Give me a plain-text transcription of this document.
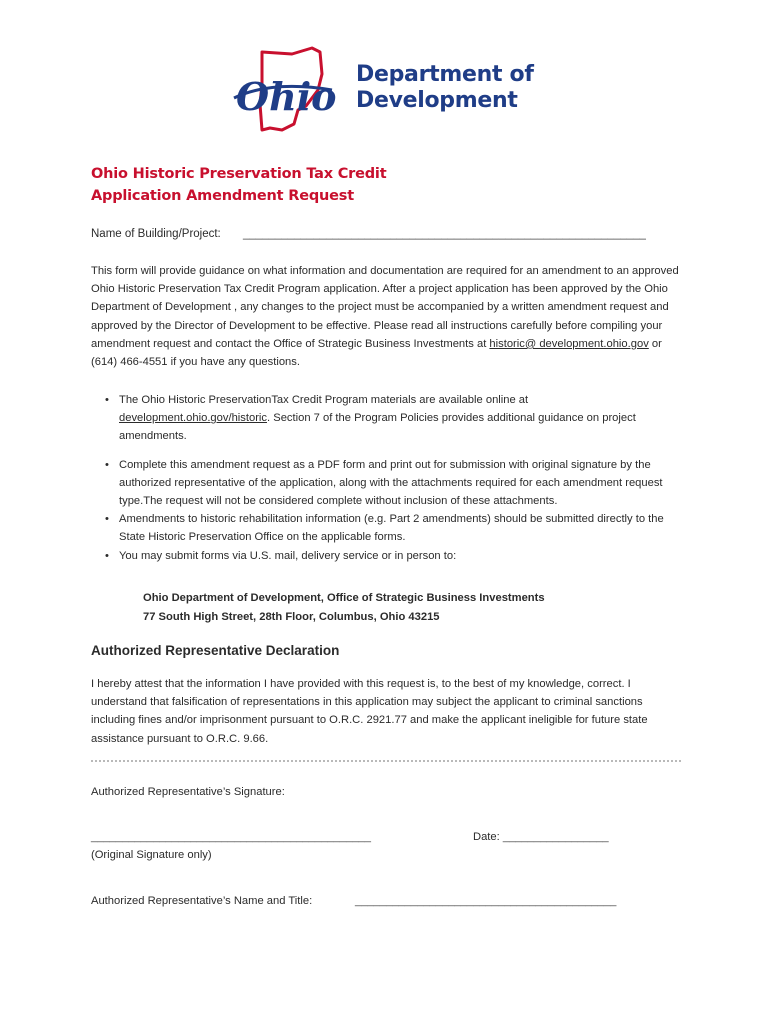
Ohio Department of
Development
Ohio Historic Preservation Tax Credit
Application Amendment Request
Name of Building/Project: _______________________________________________________________
This form will provide guidance on what information and documentation are required for an amendment to an approved Ohio Historic Preservation Tax Credit Program application. After a project application has been approved by the Ohio Department of Development , any changes to the project must be accompanied by a written amendment request and approved by the Director of Development to be effective. Please read all instructions carefully before compiling your amendment request and contact the Office of Strategic Business Investments at historic@ development.ohio.gov or (614) 466-4551 if you have any questions.
• The Ohio Historic PreservationTax Credit Program materials are available online at development.ohio.gov/historic. Section 7 of the Program Policies provides additional guidance on project amendments.
• Complete this amendment request as a PDF form and print out for submission with original signature by the authorized representative of the application, along with the attachments required for each amendment request type.The request will not be considered complete without inclusion of these attachments.
• Amendments to historic rehabilitation information (e.g. Part 2 amendments) should be submitted directly to the State Historic Preservation Office on the applicable forms.
• You may submit forms via U.S. mail, delivery service or in person to:
Ohio Department of Development, Office of Strategic Business Investments
77 South High Street, 28th Floor, Columbus, Ohio 43215
Authorized Representative Declaration
I hereby attest that the information I have provided with this request is, to the best of my knowledge, correct. I understand that falsification of representations in this application may subject the applicant to criminal sanctions including fines and/or imprisonment pursuant to O.R.C. 2921.77 and make the applicant ineligible for future state assistance pursuant to O.R.C. 9.66.
Authorized Representative’s Signature:
_____________________________________________	Date: _________________
(Original Signature only)
Authorized Representative’s Name and Title:	__________________________________________
